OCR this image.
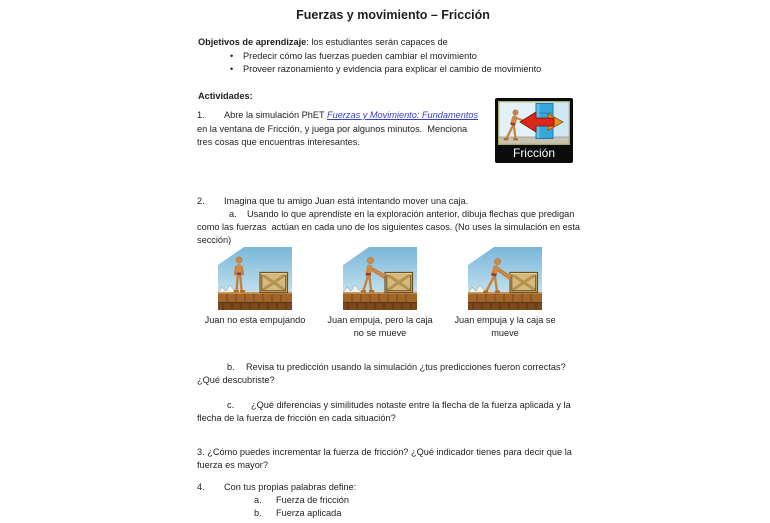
Fuerzas y movimiento – Fricción

Objetivos de aprendizaje: los estudiantes serán capaces de

•
Predecir cómo las fuerzas pueden cambiar el movimiento
•
Proveer razonamiento y evidencia para explicar el cambio de movimiento

Actividades:

1. Abre la simulación PhET Fuerzas y Movimiento: Fundamentos en la ventana de Fricción, y juega por algunos minutos.  Menciona tres cosas que encuentras interesantes.

Fricción

2. Imagina que tu amigo Juan está intentando mover una caja.

a. Usando lo que aprendiste en la exploración anterior, dibuja flechas que predigan como las fuerzas  actúan en cada uno de los siguientes casos. (No uses la simulación en esta sección)

Juan no esta empujando	Juan empuja, pero la caja no se mueve
Juan empuja y la caja se mueve

b. Revisa tu predicción usando la simulación ¿tus predicciones fueron correctas? ¿Qué descubriste?

c. ¿Qué diferencias y similitudes notaste entre la flecha de la fuerza aplicada y la flecha de la fuerza de fricción en cada situación?

3. ¿Cómo puedes incrementar la fuerza de fricción? ¿Qué indicador tienes para decir que la fuerza es mayor?

4. Con tus propias palabras define:

a. Fuerza de fricción

b. Fuerza aplicada
